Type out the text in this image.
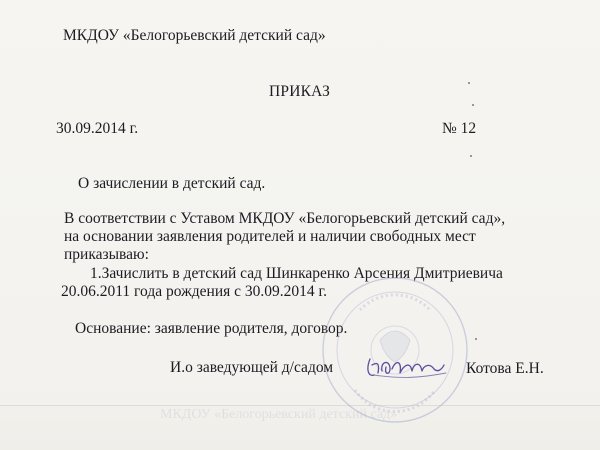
МКДОУ «Белогорьевский детский сад»
ПРИКАЗ
30.09.2014 г.	№ 12
О зачислении в детский сад.
В соответствии с Уставом МКДОУ «Белогорьевский детский сад»,
на основании заявления родителей и наличии свободных мест
приказываю:
1.Зачислить в детский сад Шинкаренко Арсения Дмитриевича
20.06.2011 года рождения с 30.09.2014 г.
Основание: заявление родителя, договор.
И.о заведующей д/садом	Котова Е.Н.
МКДОУ «Белогорьевский детский сад»
